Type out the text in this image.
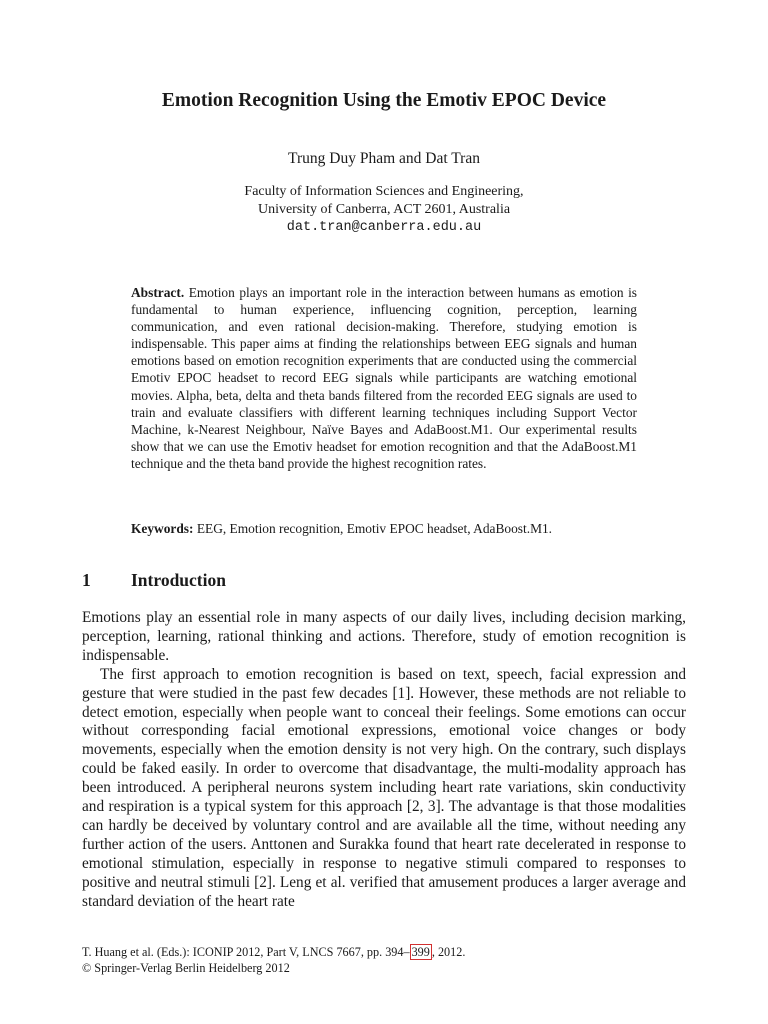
Emotion Recognition Using the Emotiv EPOC Device
Trung Duy Pham and Dat Tran
Faculty of Information Sciences and Engineering,
University of Canberra, ACT 2601, Australia
dat.tran@canberra.edu.au
Abstract. Emotion plays an important role in the interaction between humans as emotion is fundamental to human experience, influencing cognition, perception, learning communication, and even rational decision-making. Therefore, studying emotion is indispensable. This paper aims at finding the relationships between EEG signals and human emotions based on emotion recognition experiments that are conducted using the commercial Emotiv EPOC headset to record EEG signals while participants are watching emotional movies. Alpha, beta, delta and theta bands filtered from the recorded EEG signals are used to train and evaluate classifiers with different learning techniques including Support Vector Machine, k-Nearest Neighbour, Naïve Bayes and AdaBoost.M1. Our experimental results show that we can use the Emotiv headset for emotion recognition and that the AdaBoost.M1 technique and the theta band provide the highest recognition rates.
Keywords: EEG, Emotion recognition, Emotiv EPOC headset, AdaBoost.M1.
1 Introduction

Emotions play an essential role in many aspects of our daily lives, including decision marking, perception, learning, rational thinking and actions. Therefore, study of emotion recognition is indispensable.

The first approach to emotion recognition is based on text, speech, facial expression and gesture that were studied in the past few decades [1]. However, these methods are not reliable to detect emotion, especially when people want to conceal their feelings. Some emotions can occur without corresponding facial emotional expressions, emotional voice changes or body movements, especially when the emotion density is not very high. On the contrary, such displays could be faked easily. In order to overcome that disadvantage, the multi-modality approach has been introduced. A peripheral neurons system including heart rate variations, skin conductivity and respiration is a typical system for this approach [2, 3]. The advantage is that those modalities can hardly be deceived by voluntary control and are available all the time, without needing any further action of the users. Anttonen and Surakka found that heart rate decelerated in response to emotional stimulation, especially in response to negative stimuli compared to responses to positive and neutral stimuli [2]. Leng et al. verified that amusement produces a larger average and standard deviation of the heart rate

T. Huang et al. (Eds.): ICONIP 2012, Part V, LNCS 7667, pp. 394– 399 , 2012.
© Springer-Verlag Berlin Heidelberg 2012
